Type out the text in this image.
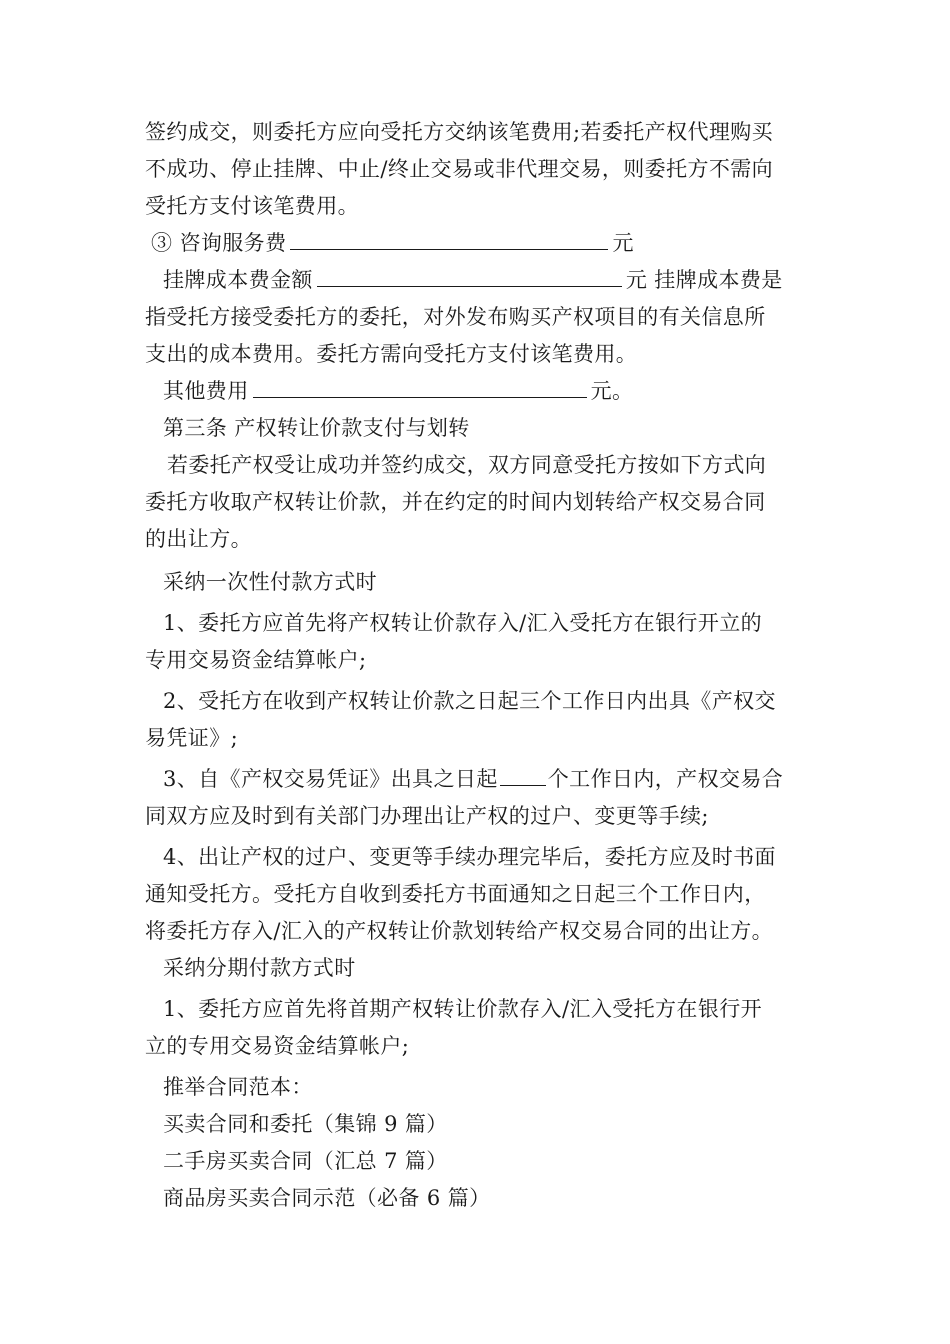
签约成交，则委托方应向受托方交纳该笔费用;若委托产权代理购买
不成功、停止挂牌、中止/终止交易或非代理交易，则委托方不需向
受托方支付该笔费用。
③ 咨询服务费	元
挂牌成本费金额	元 挂牌成本费是
指受托方接受委托方的委托，对外发布购买产权项目的有关信息所
支出的成本费用。委托方需向受托方支付该笔费用。
其他费用	元。
第三条 产权转让价款支付与划转
若委托产权受让成功并签约成交，双方同意受托方按如下方式向
委托方收取产权转让价款，并在约定的时间内划转给产权交易合同
的出让方。
采纳一次性付款方式时
1、委托方应首先将产权转让价款存入/汇入受托方在银行开立的
专用交易资金结算帐户;
2、受托方在收到产权转让价款之日起三个工作日内出具《产权交
易凭证》;
3、自《产权交易凭证》出具之日起 个工作日内，产权交易合
同双方应及时到有关部门办理出让产权的过户、变更等手续;
4、出让产权的过户、变更等手续办理完毕后，委托方应及时书面
通知受托方。受托方自收到委托方书面通知之日起三个工作日内，
将委托方存入/汇入的产权转让价款划转给产权交易合同的出让方。
采纳分期付款方式时
1、委托方应首先将首期产权转让价款存入/汇入受托方在银行开
立的专用交易资金结算帐户;
推举合同范本：
买卖合同和委托（集锦 9 篇）
二手房买卖合同（汇总 7 篇）
商品房买卖合同示范（必备 6 篇）
